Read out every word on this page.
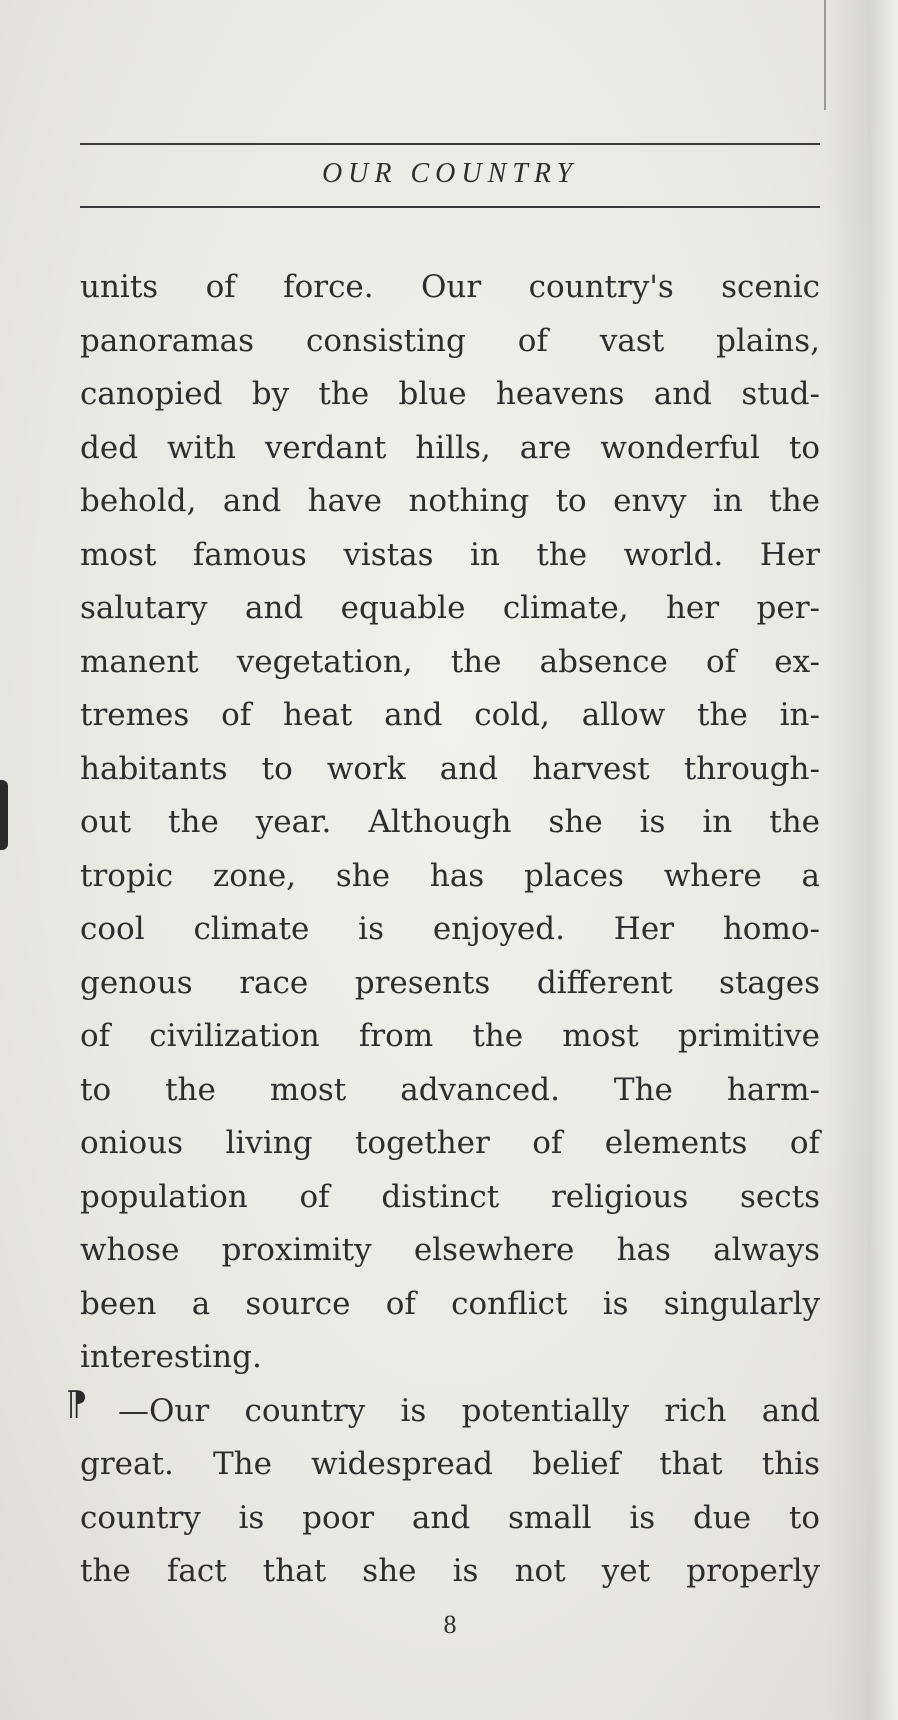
OUR COUNTRY
units of force. Our country's scenic
panoramas consisting of vast plains,
canopied by the blue heavens and stud-
ded with verdant hills, are wonderful to
behold, and have nothing to envy in the
most famous vistas in the world. Her
salutary and equable climate, her per-
manent vegetation, the absence of ex-
tremes of heat and cold, allow the in-
habitants to work and harvest through-
out the year. Although she is in the
tropic zone, she has places where a
cool climate is enjoyed. Her homo-
genous race presents different stages
of civilization from the most primitive
to the most advanced. The harm-
onious living together of elements of
population of distinct religious sects
whose proximity elsewhere has always
been a source of conflict is singularly
interesting.
—Our country is potentially rich and
great. The widespread belief that this
country is poor and small is due to
the fact that she is not yet properly
⁋
8
